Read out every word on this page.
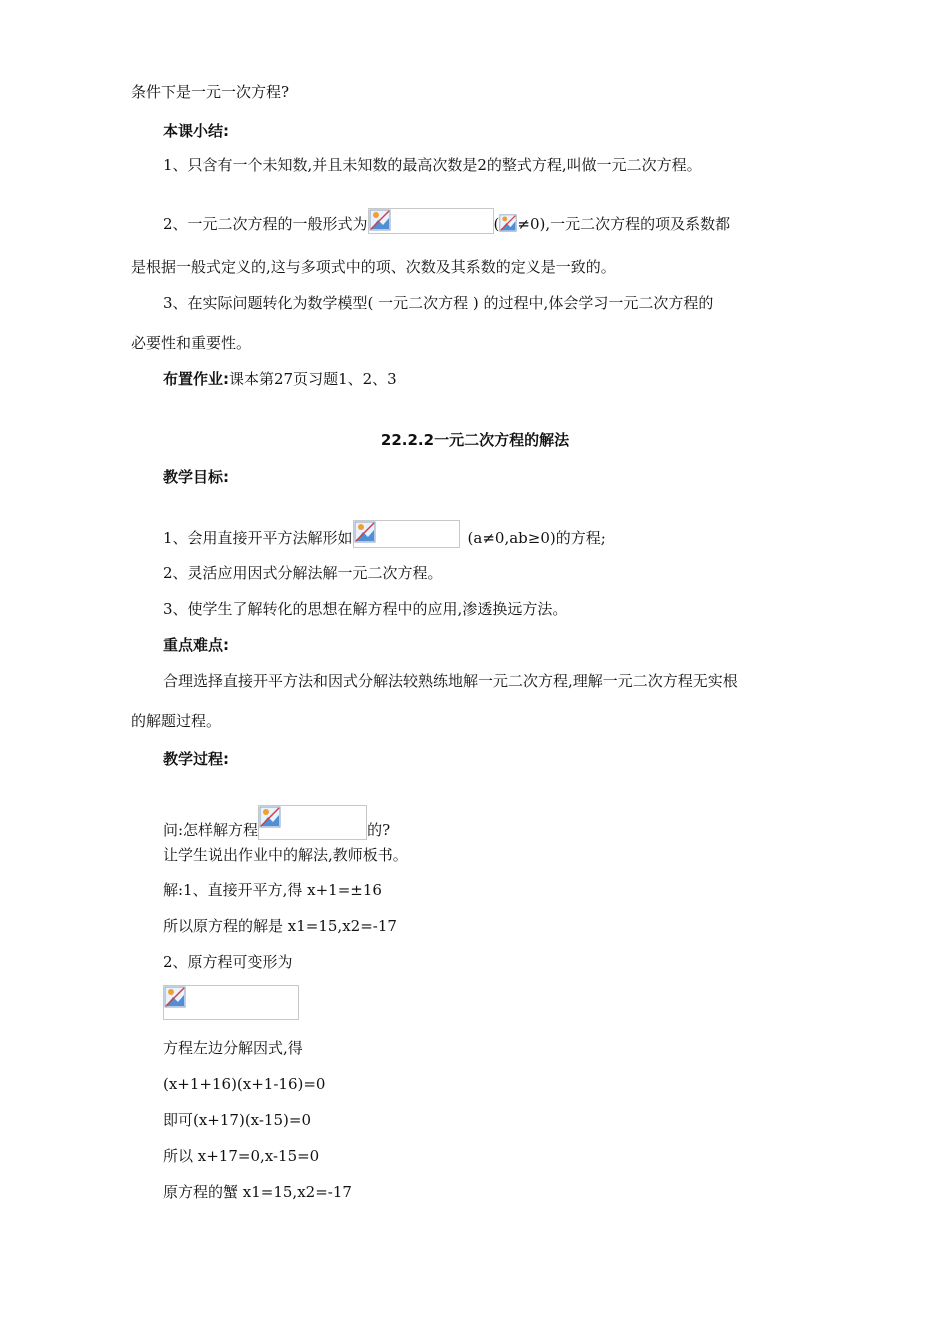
条件下是一元一次方程?
本课小结:
1、只含有一个未知数,并且未知数的最高次数是2的整式方程,叫做一元二次方程。
2、一元二次方程的一般形式为	( ≠0),一元二次方程的项及系数都
是根据一般式定义的,这与多项式中的项、次数及其系数的定义是一致的。
3、在实际问题转化为数学模型( 一元二次方程 ) 的过程中,体会学习一元二次方程的
必要性和重要性。
布置作业:课本第27页习题1、2、3
22.2.2一元二次方程的解法
教学目标:
1、会用直接开平方法解形如	(a≠0,ab≥0)的方程;
2、灵活应用因式分解法解一元二次方程。
3、使学生了解转化的思想在解方程中的应用,渗透换远方法。
重点难点:
合理选择直接开平方法和因式分解法较熟练地解一元二次方程,理解一元二次方程无实根
的解题过程。
教学过程:
问:怎样解方程	的?
让学生说出作业中的解法,教师板书。
解:1、直接开平方,得 x+1=±16
所以原方程的解是 x1=15,x2=-17
2、原方程可变形为
方程左边分解因式,得
(x+1+16)(x+1-16)=0
即可(x+17)(x-15)=0
所以 x+17=0,x-15=0
原方程的蟹 x1=15,x2=-17
